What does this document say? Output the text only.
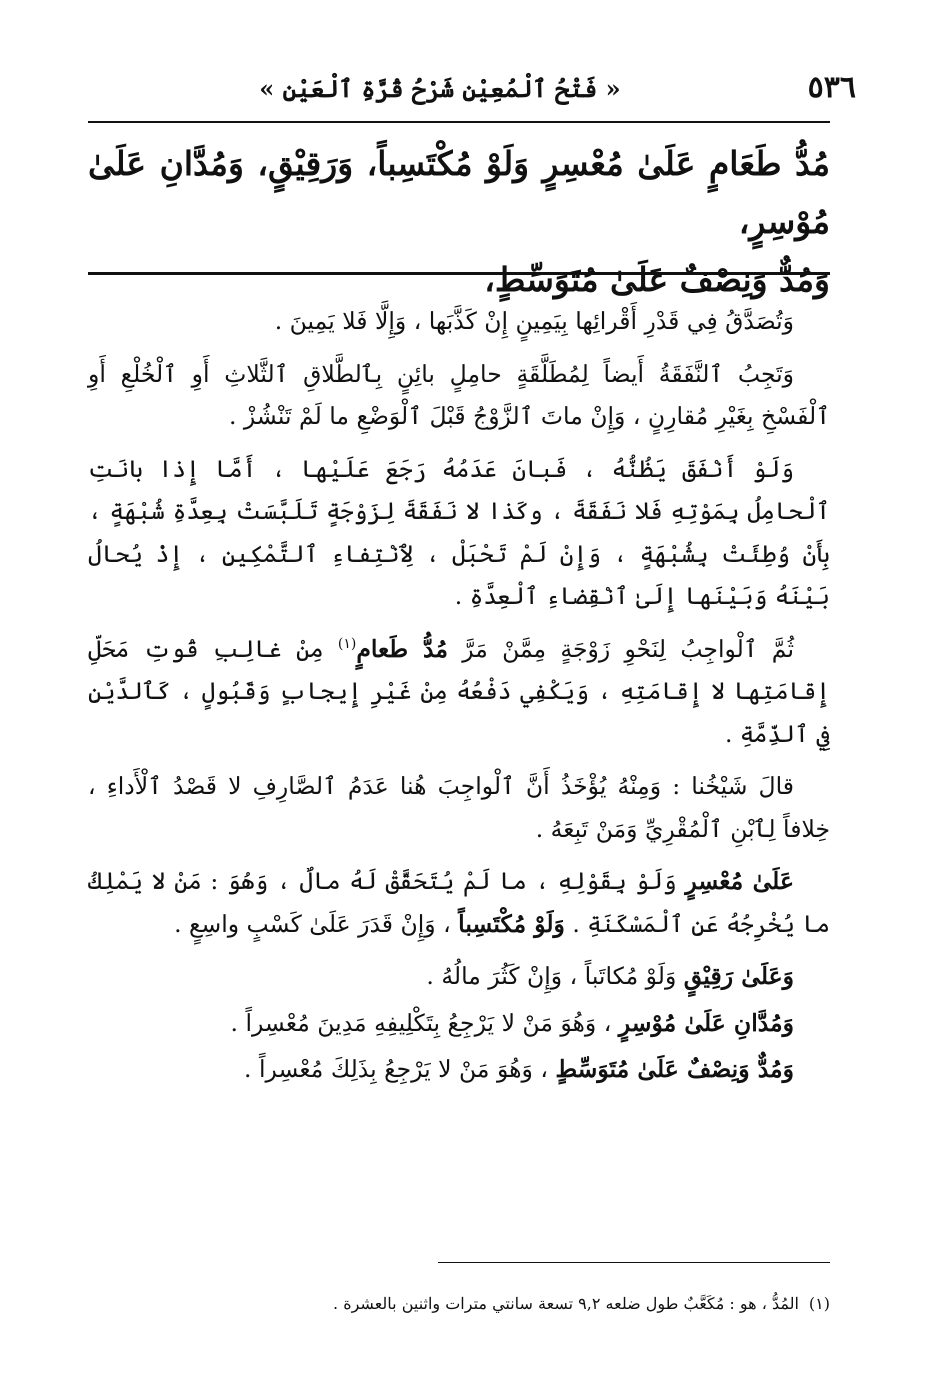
٥٣٦
« فَتْحُ ٱلْمُعِيْنِ شَرْحُ قُرَّةِ ٱلْعَيْنِ »
مُدُّ طَعَامٍ عَلَىٰ مُعْسِرٍ وَلَوْ مُكْتَسِباً، وَرَقِيْقٍ، وَمُدَّانِ عَلَىٰ مُوْسِرٍ،
وَمُدٌّ وَنِصْفٌ عَلَىٰ مُتَوَسِّطٍ،

وَتُصَدَّقُ فِي قَدْرِ أَقْرائِها بِيَمِينٍ إِنْ كَذَّبَها ، وَإِلَّا فَلا يَمِينَ .

وَتَجِبُ ٱلنَّفَقَةُ أَيضاً لِمُطَلَّقَةٍ حامِلٍ بائِنٍ بِٱلطَّلاقِ ٱلثَّلاثِ أَوِ ٱلْخُلْعِ أَوِ ٱلْفَسْخِ بِغَيْرِ مُقارِنٍ ، وَإِنْ ماتَ ٱلزَّوْجُ قَبْلَ ٱلْوَضْعِ ما لَمْ تَنْشُزْ .

وَلَوْ أَنْفَقَ يَظُنُّهُ ، فَبانَ عَدَمُهُ رَجَعَ عَلَيْها ، أَمَّا إِذا بانَتِ ٱلْحامِلُ بِمَوْتِهِ فَلا نَفَقَةَ ، وكَذا لا نَفَقَةَ لِزَوْجَةٍ تَلَبَّسَتْ بِعِدَّةِ شُبْهَةٍ ، بِأَنْ وُطِئَتْ بِشُبْهَةٍ ، وَإِنْ لَمْ تَحْبَلْ ، لِٱنْتِفاءِ ٱلتَّمْكِينِ ، إِذْ يُحالُ بَيْنَهُ وَبَيْنَها إِلَىٰ ٱنْقِضاءِ ٱلْعِدَّةِ .

ثُمَّ ٱلْواجِبُ لِنَحْوِ زَوْجَةٍ مِمَّنْ مَرَّ مُدُّ طَعامٍ$^{(١)}$ مِنْ غالِبِ قُوتِ مَحَلِّ إِقامَتِها لا إِقامَتِهِ ، وَيَكْفِي دَفْعُهُ مِنْ غَيْرِ إِيجابٍ وَقَبُولٍ ، كَٱلدَّيْنِ فِي ٱلذِّمَّةِ .

قالَ شَيْخُنا : وَمِنْهُ يُؤْخَذُ أَنَّ ٱلْواجِبَ هُنا عَدَمُ ٱلصَّارِفِ لا قَصْدُ ٱلْأَداءِ ، خِلافاً لِٱبْنِ ٱلْمُقْرِيِّ وَمَنْ تَبِعَهُ .

عَلَىٰ مُعْسِرٍ وَلَوْ بِقَوْلِهِ ، ما لَمْ يُتَحَقَّقْ لَهُ مالٌ ، وَهُوَ : مَنْ لا يَمْلِكُ ما يُخْرِجُهُ عَنِ ٱلْمَسْكَنَةِ . وَلَوْ مُكْتَسِباً ، وَإِنْ قَدَرَ عَلَىٰ كَسْبٍ واسِعٍ .

وَعَلَىٰ رَقِيْقٍ وَلَوْ مُكاتَباً ، وَإِنْ كَثُرَ مالُهُ .

وَمُدَّانِ عَلَىٰ مُوْسِرٍ ، وَهُوَ مَنْ لا يَرْجِعُ بِتَكْلِيفِهِ مَدِينَ مُعْسِراً .

وَمُدٌّ وَنِصْفٌ عَلَىٰ مُتَوَسِّطٍ ، وَهُوَ مَنْ لا يَرْجِعُ بِذَلِكَ مُعْسِراً .

(١)المُدُّ ، هو : مُكَعَّبٌ طول ضلعه ٩,٢ تسعة سانتي مترات واثنين بالعشرة .
